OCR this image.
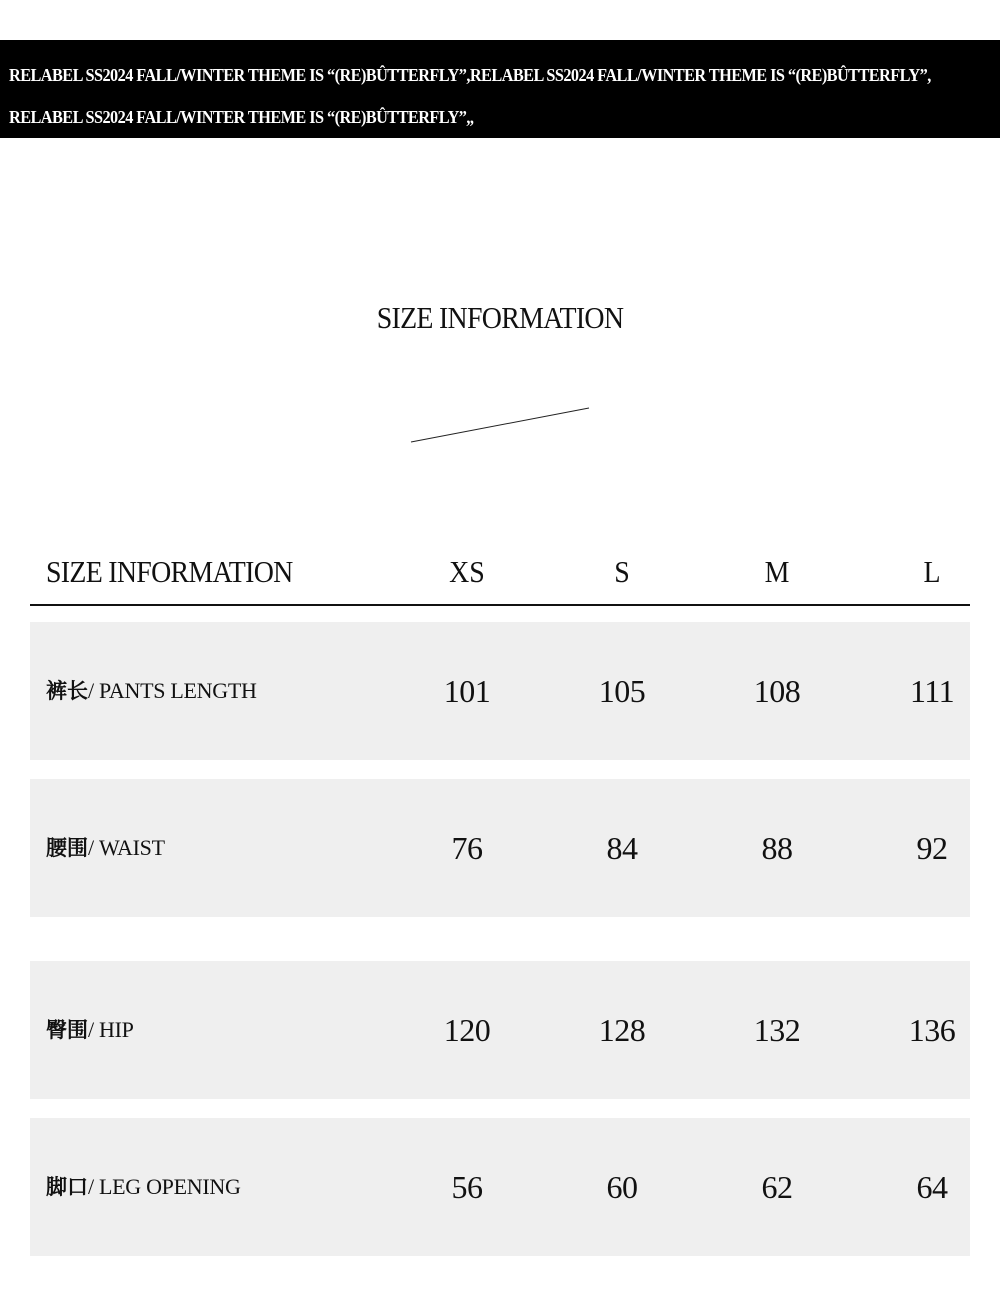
RELABEL SS2024 FALL/WINTER THEME IS “(RE)BÛTTERFLY”,RELABEL SS2024 FALL/WINTER THEME IS “(RE)BÛTTERFLY”,
RELABEL SS2024 FALL/WINTER THEME IS “(RE)BÛTTERFLY”,,
SIZE INFORMATION
SIZE INFORMATION	XS	S	M	L
裤长/ PANTS LENGTH	101	105	108	111
腰围/ WAIST	76	84	88	92
臀围/ HIP	120	128	132	136
脚口/ LEG OPENING	56	60	62	64
